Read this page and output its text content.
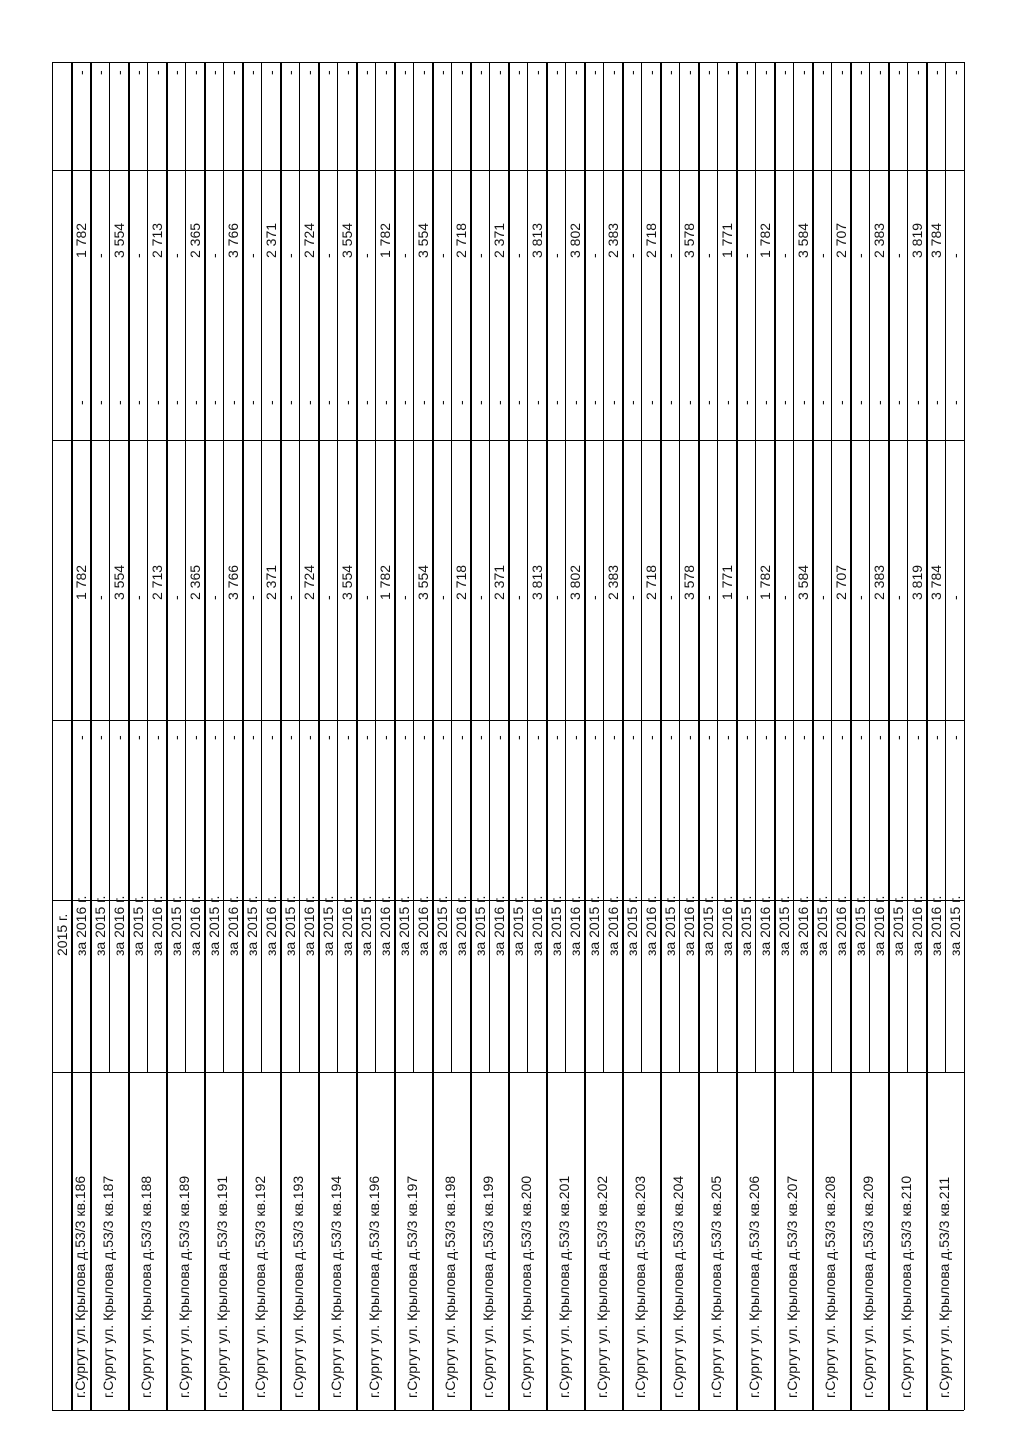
2015 г. за 2016 г.
-
1 782
-
1 782
-
г.Сургут ул. Крылова д.53/3 кв.186
за 2015 г.
-
-
-
-
-
за 2016 г.
-
3 554
-
3 554
-
г.Сургут ул. Крылова д.53/3 кв.187
за 2015 г.
-
-
-
-
-
за 2016 г.
-
2 713
-
2 713
-
г.Сургут ул. Крылова д.53/3 кв.188
за 2015 г.
-
-
-
-
-
за 2016 г.
-
2 365
-
2 365
-
г.Сургут ул. Крылова д.53/3 кв.189
за 2015 г.
-
-
-
-
-
за 2016 г.
-
3 766
-
3 766
-
г.Сургут ул. Крылова д.53/3 кв.191
за 2015 г.
-
-
-
-
-
за 2016 г.
-
2 371
-
2 371
-
г.Сургут ул. Крылова д.53/3 кв.192
за 2015 г.
-
-
-
-
-
за 2016 г.
-
2 724
-
2 724
-
г.Сургут ул. Крылова д.53/3 кв.193
за 2015 г.
-
-
-
-
-
за 2016 г.
-
3 554
-
3 554
-
г.Сургут ул. Крылова д.53/3 кв.194
за 2015 г.
-
-
-
-
-
за 2016 г.
-
1 782
-
1 782
-
г.Сургут ул. Крылова д.53/3 кв.196
за 2015 г.
-
-
-
-
-
за 2016 г.
-
3 554
-
3 554
-
г.Сургут ул. Крылова д.53/3 кв.197
за 2015 г.
-
-
-
-
-
за 2016 г.
-
2 718
-
2 718
-
г.Сургут ул. Крылова д.53/3 кв.198
за 2015 г.
-
-
-
-
-
за 2016 г.
-
2 371
-
2 371
-
г.Сургут ул. Крылова д.53/3 кв.199
за 2015 г.
-
-
-
-
-
за 2016 г.
-
3 813
-
3 813
-
г.Сургут ул. Крылова д.53/3 кв.200
за 2015 г.
-
-
-
-
-
за 2016 г.
-
3 802
-
3 802
-
г.Сургут ул. Крылова д.53/3 кв.201
за 2015 г.
-
-
-
-
-
за 2016 г.
-
2 383
-
2 383
-
г.Сургут ул. Крылова д.53/3 кв.202
за 2015 г.
-
-
-
-
-
за 2016 г.
-
2 718
-
2 718
-
г.Сургут ул. Крылова д.53/3 кв.203
за 2015 г.
-
-
-
-
-
за 2016 г.
-
3 578
-
3 578
-
г.Сургут ул. Крылова д.53/3 кв.204
за 2015 г.
-
-
-
-
-
за 2016 г.
-
1 771
-
1 771
-
г.Сургут ул. Крылова д.53/3 кв.205
за 2015 г.
-
-
-
-
-
за 2016 г.
-
1 782
-
1 782
-
г.Сургут ул. Крылова д.53/3 кв.206
за 2015 г.
-
-
-
-
-
за 2016 г.
-
3 584
-
3 584
-
г.Сургут ул. Крылова д.53/3 кв.207
за 2015 г.
-
-
-
-
-
за 2016 г.
-
2 707
-
2 707
-
г.Сургут ул. Крылова д.53/3 кв.208
за 2015 г.
-
-
-
-
-
за 2016 г.
-
2 383
-
2 383
-
г.Сургут ул. Крылова д.53/3 кв.209
за 2015 г.
-
-
-
-
-
за 2016 г.
-
3 819
-
3 819
-
г.Сургут ул. Крылова д.53/3 кв.210
за 2016 г.
-
3 784
-
3 784
-
за 2015 г.
-
-
-
-
-
г.Сургут ул. Крылова д.53/3 кв.211
